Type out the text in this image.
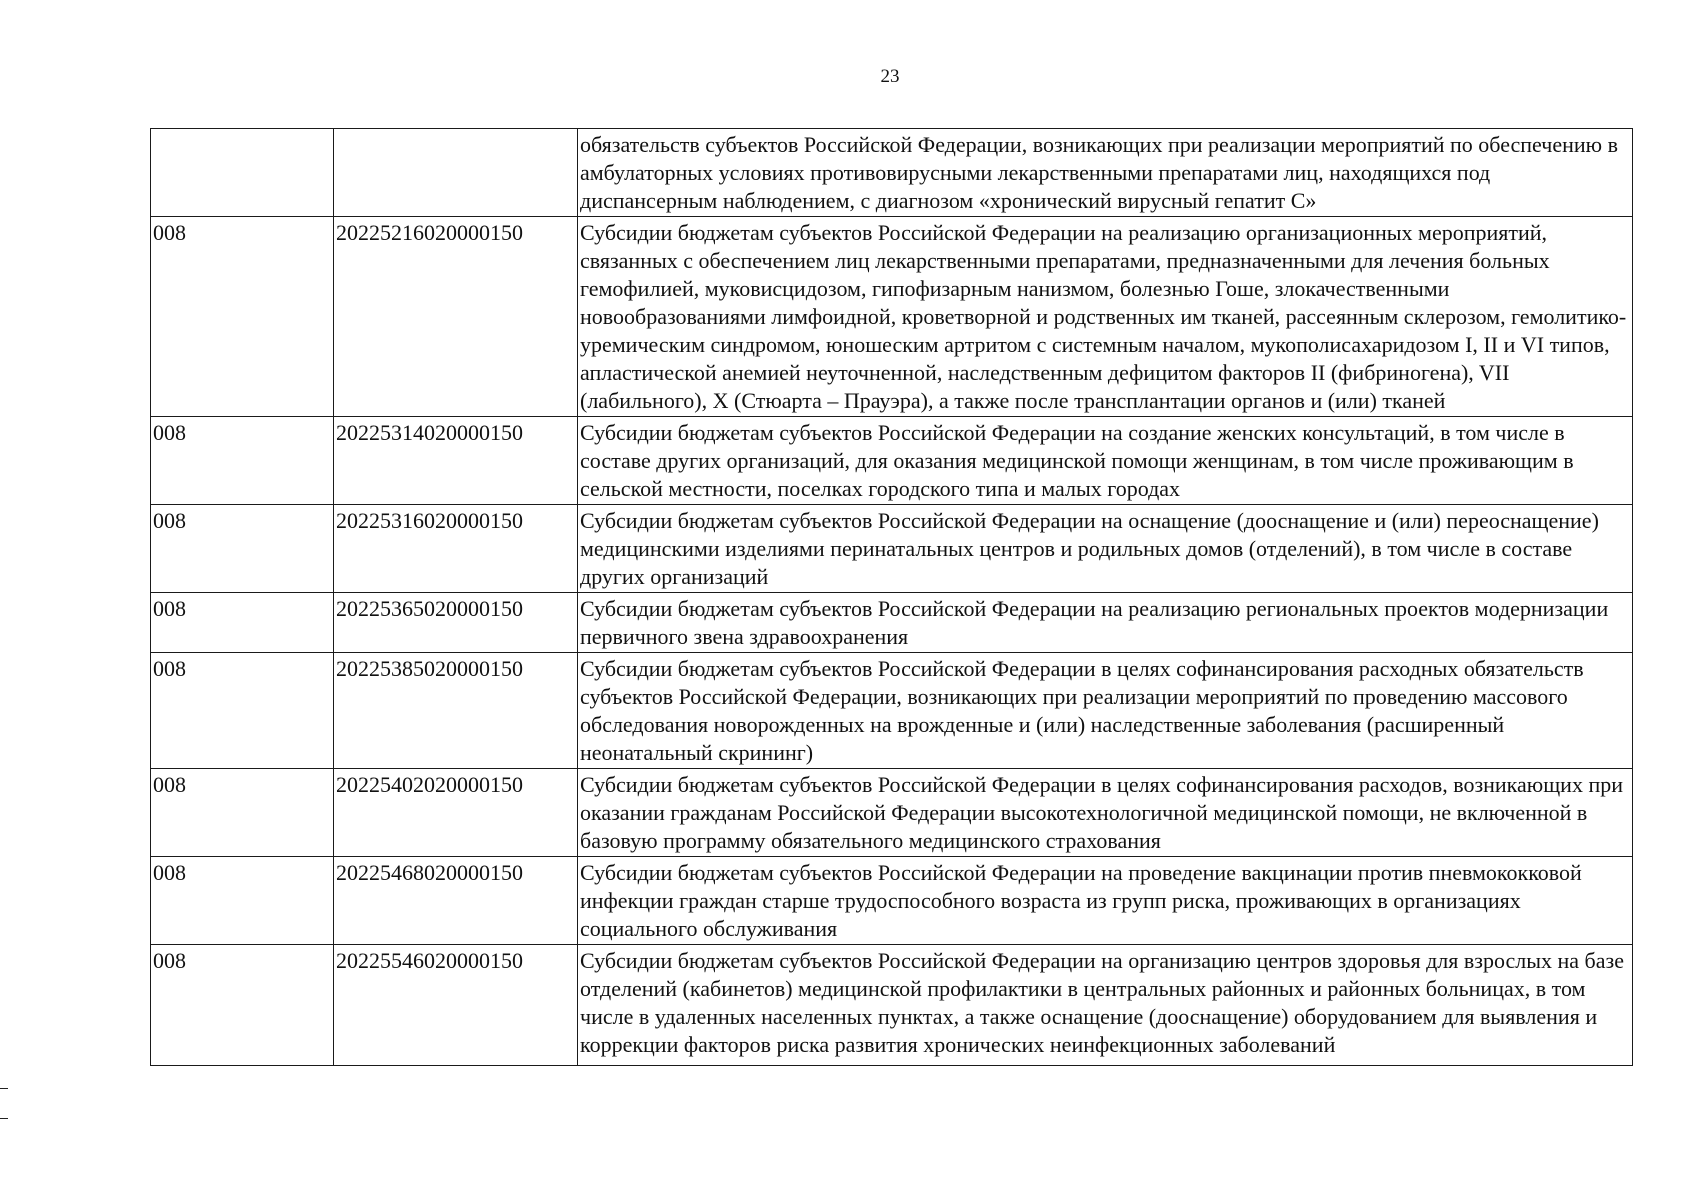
23
		обязательств субъектов Российской Федерации, возникающих при реализации мероприятий по обеспечению в амбулаторных условиях противовирусными лекарственными препаратами лиц, находящихся под диспансерным наблюдением, с диагнозом «хронический вирусный гепатит С»
008	20225216020000150	Субсидии бюджетам субъектов Российской Федерации на реализацию организационных мероприятий, связанных с обеспечением лиц лекарственными препаратами, предназначенными для лечения больных гемофилией, муковисцидозом, гипофизарным нанизмом, болезнью Гоше, злокачественными новообразованиями лимфоидной, кроветворной и родственных им тканей, рассеянным склерозом, гемолитико-уремическим синдромом, юношеским артритом с системным началом, мукополисахаридозом I, II и VI типов, апластической анемией неуточненной, наследственным дефицитом факторов II (фибриногена), VII (лабильного), X (Стюарта – Прауэра), а также после трансплантации органов и (или) тканей
008	20225314020000150	Субсидии бюджетам субъектов Российской Федерации на создание женских консультаций, в том числе в составе других организаций, для оказания медицинской помощи женщинам, в том числе проживающим в сельской местности, поселках городского типа и малых городах
008	20225316020000150	Субсидии бюджетам субъектов Российской Федерации на оснащение (дооснащение и (или) переоснащение) медицинскими изделиями перинатальных центров и родильных домов (отделений), в том числе в составе других организаций
008	20225365020000150	Субсидии бюджетам субъектов Российской Федерации на реализацию региональных проектов модернизации первичного звена здравоохранения
008	20225385020000150	Субсидии бюджетам субъектов Российской Федерации в целях софинансирования расходных обязательств субъектов Российской Федерации, возникающих при реализации мероприятий по проведению массового обследования новорожденных на врожденные и (или) наследственные заболевания (расширенный неонатальный скрининг)
008	20225402020000150	Субсидии бюджетам субъектов Российской Федерации в целях софинансирования расходов, возникающих при оказании гражданам Российской Федерации высокотехнологичной медицинской помощи, не включенной в базовую программу обязательного медицинского страхования
008	20225468020000150	Субсидии бюджетам субъектов Российской Федерации на проведение вакцинации против пневмококковой инфекции граждан старше трудоспособного возраста из групп риска, проживающих в организациях социального обслуживания
008	20225546020000150	Субсидии бюджетам субъектов Российской Федерации на организацию центров здоровья для взрослых на базе отделений (кабинетов) медицинской профилактики в центральных районных и районных больницах, в том числе в удаленных населенных пунктах, а также оснащение (дооснащение) оборудованием для выявления и коррекции факторов риска развития хронических неинфекционных заболеваний
